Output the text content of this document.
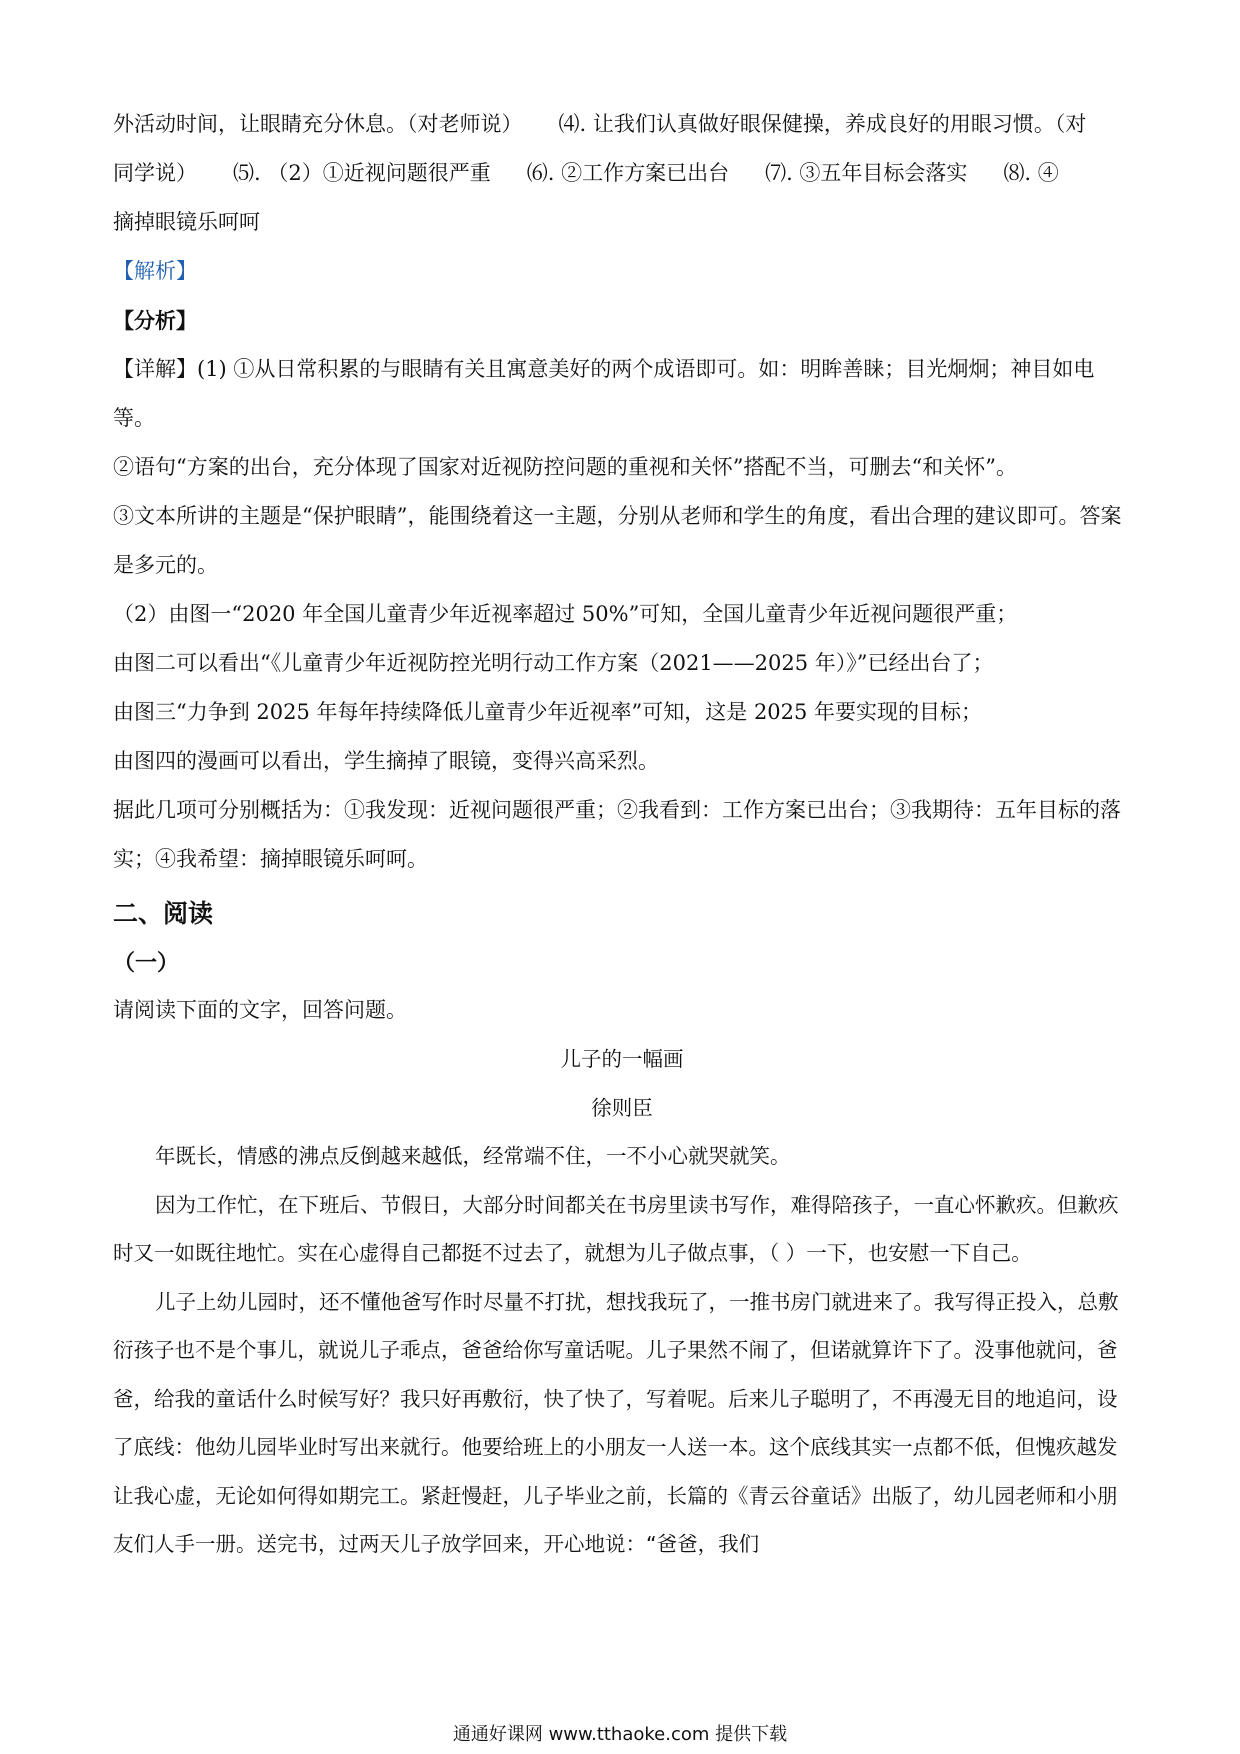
外活动时间，让眼睛充分休息。（对老师说） ⑷. 让我们认真做好眼保健操，养成良好的用眼习惯。（对
同学说） ⑸. （2）①近视问题很严重 ⑹. ②工作方案已出台 ⑺. ③五年目标会落实 ⑻. ④
摘掉眼镜乐呵呵
【解析】
【分析】
【详解】(1) ①从日常积累的与眼睛有关且寓意美好的两个成语即可。如：明眸善睐；目光炯炯；神目如电等。
②语句“方案的出台，充分体现了国家对近视防控问题的重视和关怀”搭配不当，可删去“和关怀”。
③文本所讲的主题是“保护眼睛”，能围绕着这一主题，分别从老师和学生的角度，看出合理的建议即可。答案是多元的。
（2）由图一“2020 年全国儿童青少年近视率超过 50%”可知，全国儿童青少年近视问题很严重；
由图二可以看出“《儿童青少年近视防控光明行动工作方案（2021——2025 年）》”已经出台了；
由图三“力争到 2025 年每年持续降低儿童青少年近视率”可知，这是 2025 年要实现的目标；
由图四的漫画可以看出，学生摘掉了眼镜，变得兴高采烈。
据此几项可分别概括为：①我发现：近视问题很严重；②我看到：工作方案已出台；③我期待：五年目标的落实；④我希望：摘掉眼镜乐呵呵。
二、阅读
（一）
请阅读下面的文字，回答问题。
儿子的一幅画
徐则臣
年既长，情感的沸点反倒越来越低，经常端不住，一不小心就哭就笑。
因为工作忙，在下班后、节假日，大部分时间都关在书房里读书写作，难得陪孩子，一直心怀歉疚。但歉疚时又一如既往地忙。实在心虚得自己都挺不过去了，就想为儿子做点事，（ ）一下，也安慰一下自己。
儿子上幼儿园时，还不懂他爸写作时尽量不打扰，想找我玩了，一推书房门就进来了。我写得正投入，总敷衍孩子也不是个事儿，就说儿子乖点，爸爸给你写童话呢。儿子果然不闹了，但诺就算许下了。没事他就问，爸爸，给我的童话什么时候写好？我只好再敷衍，快了快了，写着呢。后来儿子聪明了，不再漫无目的地追问，设了底线：他幼儿园毕业时写出来就行。他要给班上的小朋友一人送一本。这个底线其实一点都不低，但愧疚越发让我心虚，无论如何得如期完工。紧赶慢赶，儿子毕业之前，长篇的《青云谷童话》出版了，幼儿园老师和小朋友们人手一册。送完书，过两天儿子放学回来，开心地说：“爸爸，我们
通通好课网 www.tthaoke.com 提供下载
